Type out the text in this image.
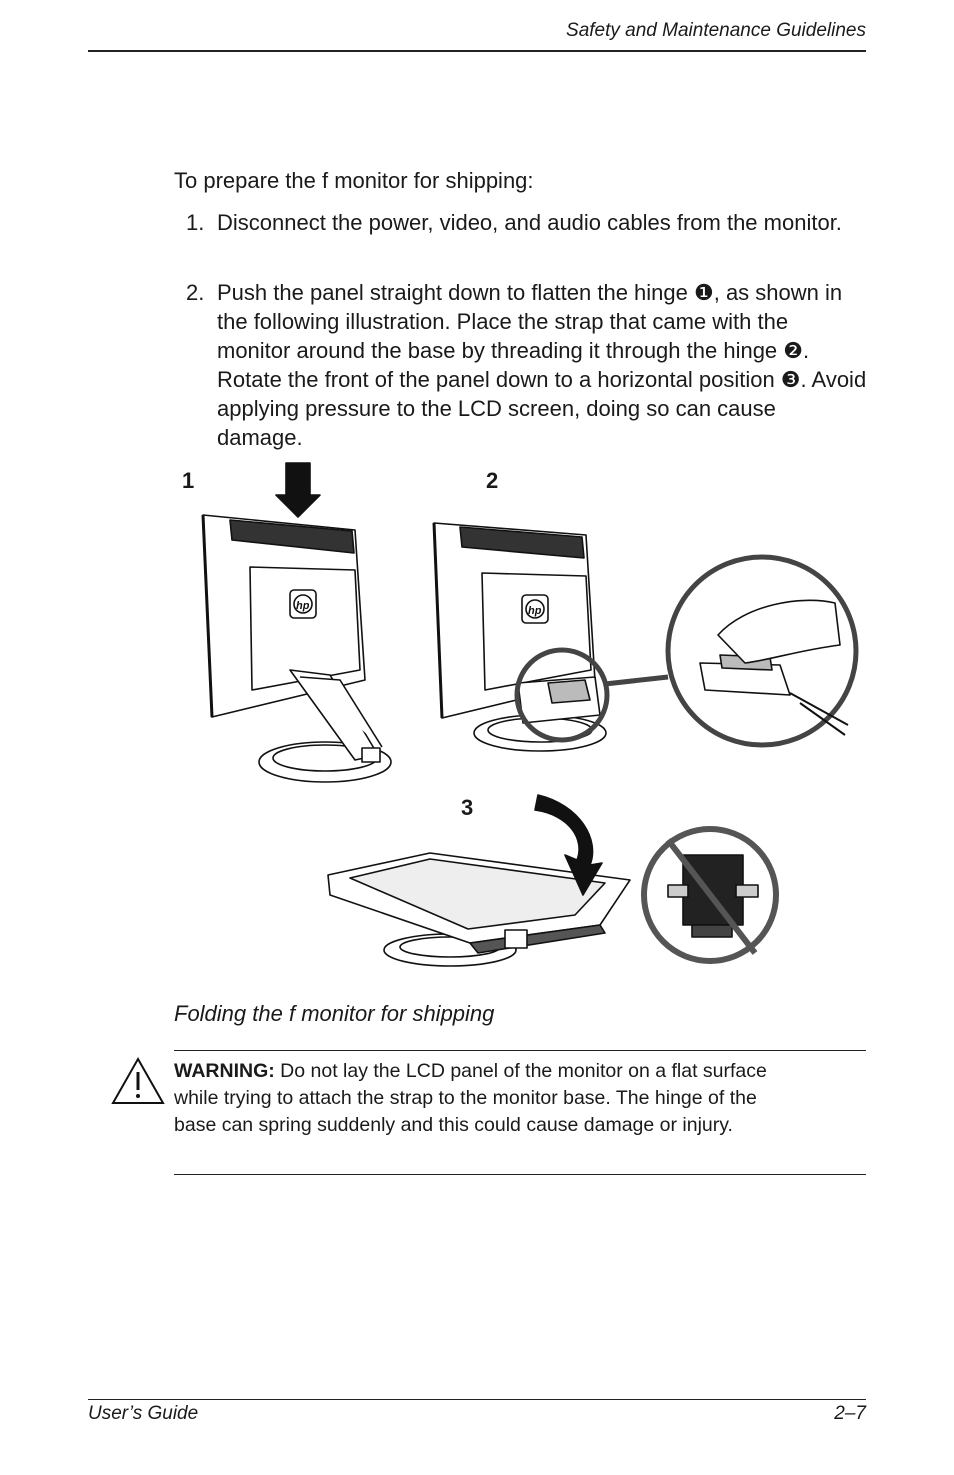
Safety and Maintenance Guidelines
To prepare the f monitor for shipping:
1. Disconnect the power, video, and audio cables from the monitor.
2. Push the panel straight down to flatten the hinge ❶, as shown in the following illustration. Place the strap that came with the monitor around the base by threading it through the hinge ❷. Rotate the front of the panel down to a horizontal position ❸. Avoid applying pressure to the LCD screen, doing so can cause damage.
1	2
3
hp	hp
Folding the f monitor for shipping
WARNING: Do not lay the LCD panel of the monitor on a flat surface while trying to attach the strap to the monitor base. The hinge of the base can spring suddenly and this could cause damage or injury.
User’s Guide	2–7
